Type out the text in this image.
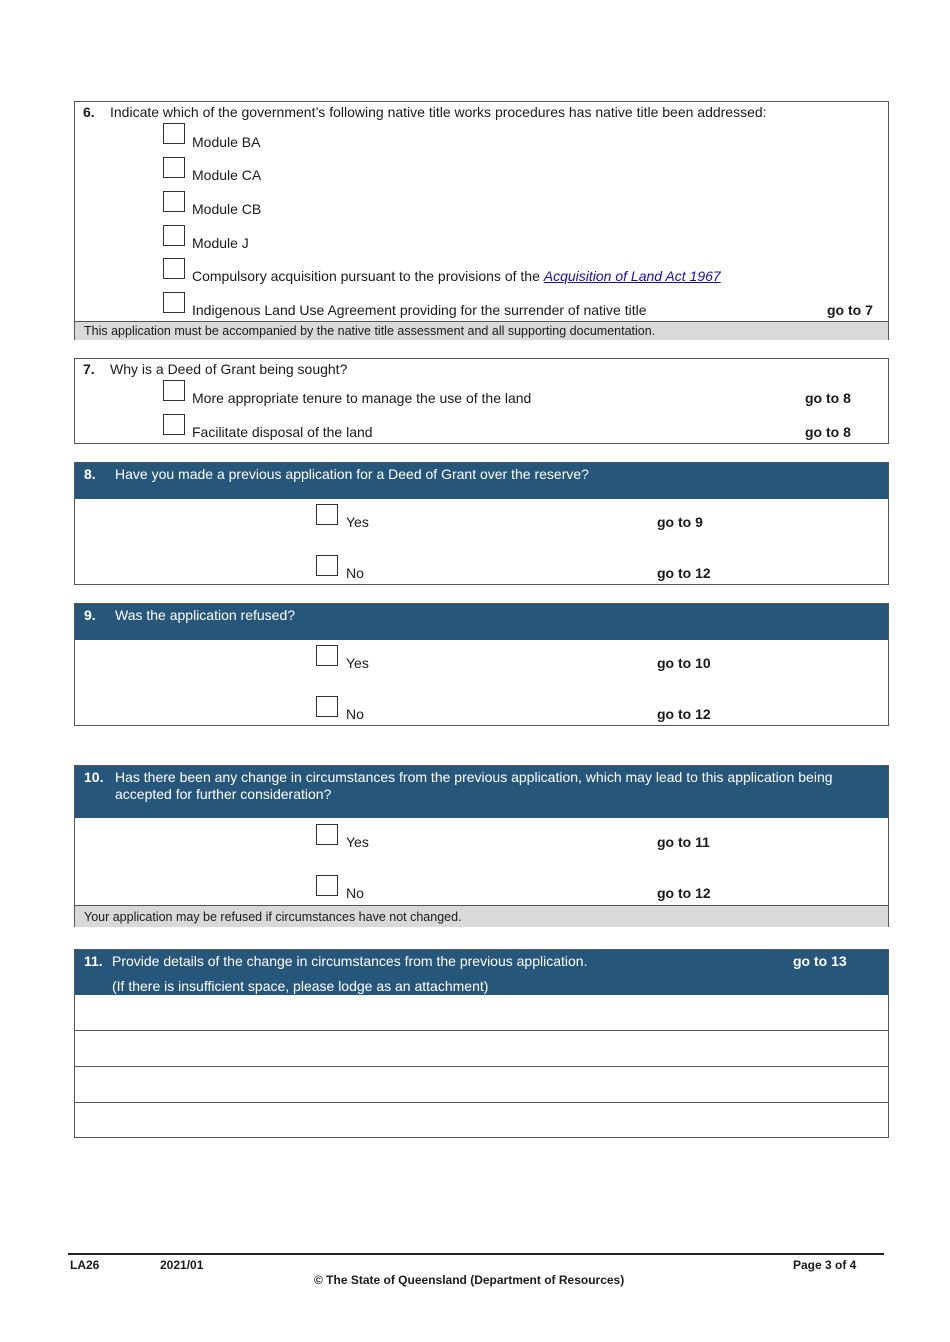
6. Indicate which of the government’s following native title works procedures has native title been addressed:
Module BA
Module CA
Module CB
Module J
Compulsory acquisition pursuant to the provisions of the Acquisition of Land Act 1967
Indigenous Land Use Agreement providing for the surrender of native title	go to 7
This application must be accompanied by the native title assessment and all supporting documentation.
7. Why is a Deed of Grant being sought?
More appropriate tenure to manage the use of the land	go to 8
Facilitate disposal of the land	go to 8
8. Have you made a previous application for a Deed of Grant over the reserve?
Yes	go to 9
No	go to 12
9. Was the application refused?
Yes	go to 10
No	go to 12
10. Has there been any change in circumstances from the previous application, which may lead to this application being
accepted for further consideration?
Yes	go to 11
No	go to 12
Your application may be refused if circumstances have not changed.
11. Provide details of the change in circumstances from the previous application.	go to 13
(If there is insufficient space, please lodge as an attachment)
LA26	2021/01
© The State of Queensland (Department of Resources)
Page 3 of 4
